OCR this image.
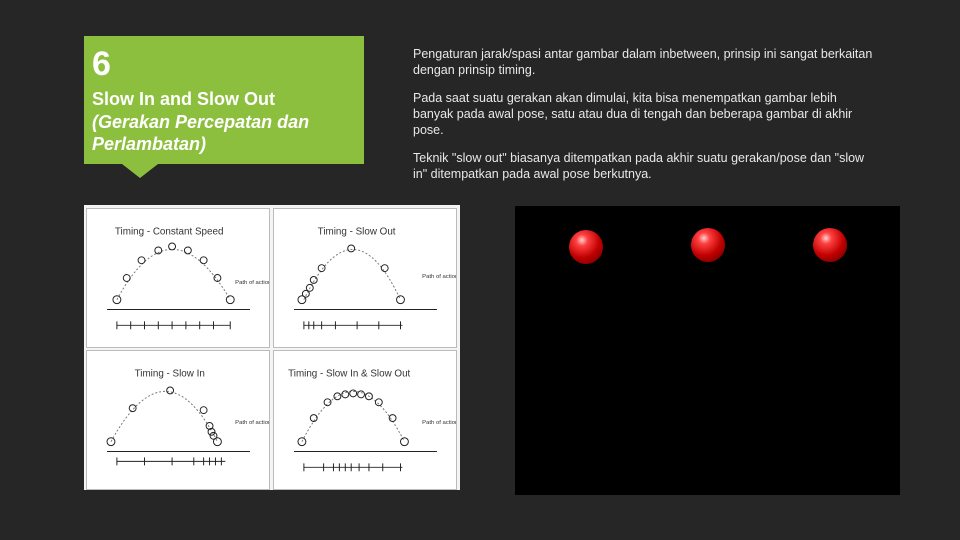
6
Slow In and Slow Out
(Gerakan Percepatan dan Perlambatan)

Pengaturan jarak/spasi antar gambar dalam inbetween, prinsip ini sangat berkaitan dengan prinsip timing.

Pada saat suatu gerakan akan dimulai, kita bisa menempatkan gambar lebih banyak pada awal pose, satu atau dua di tengah dan beberapa gambar di akhir pose.

Teknik "slow out" biasanya ditempatkan pada akhir suatu gerakan/pose dan "slow in" ditempatkan pada awal pose berkutnya.

Timing - Constant Speed
Path of action
Timing - Slow Out
Path of action
Timing - Slow In
Path of action
Timing - Slow In & Slow Out
Path of action
